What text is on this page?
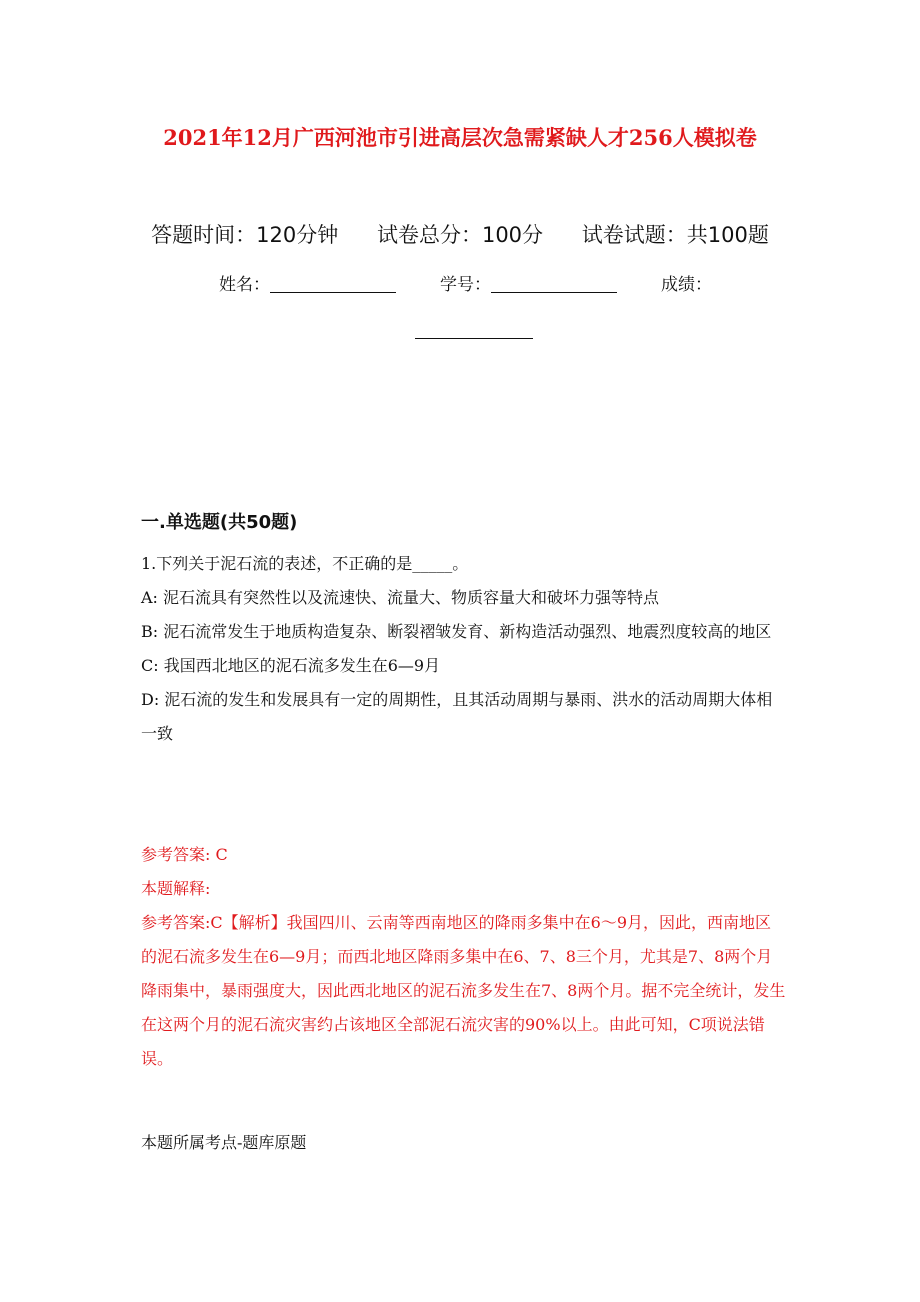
2021年12月广西河池市引进高层次急需紧缺人才256人模拟卷
答题时间：120分钟 试卷总分：100分 试卷试题：共100题
姓名：	学号：	成绩：
一.单选题(共50题)

1.下列关于泥石流的表述，不正确的是_____。

A: 泥石流具有突然性以及流速快、流量大、物质容量大和破坏力强等特点

B: 泥石流常发生于地质构造复杂、断裂褶皱发育、新构造活动强烈、地震烈度较高的地区

C: 我国西北地区的泥石流多发生在6—9月

D: 泥石流的发生和发展具有一定的周期性，且其活动周期与暴雨、洪水的活动周期大体相一致

参考答案: C

本题解释:

参考答案:C【解析】我国四川、云南等西南地区的降雨多集中在6～9月，因此，西南地区的泥石流多发生在6—9月；而西北地区降雨多集中在6、7、8三个月，尤其是7、8两个月降雨集中，暴雨强度大，因此西北地区的泥石流多发生在7、8两个月。据不完全统计，发生在这两个月的泥石流灾害约占该地区全部泥石流灾害的90%以上。由此可知，C项说法错误。

本题所属考点-题库原题
